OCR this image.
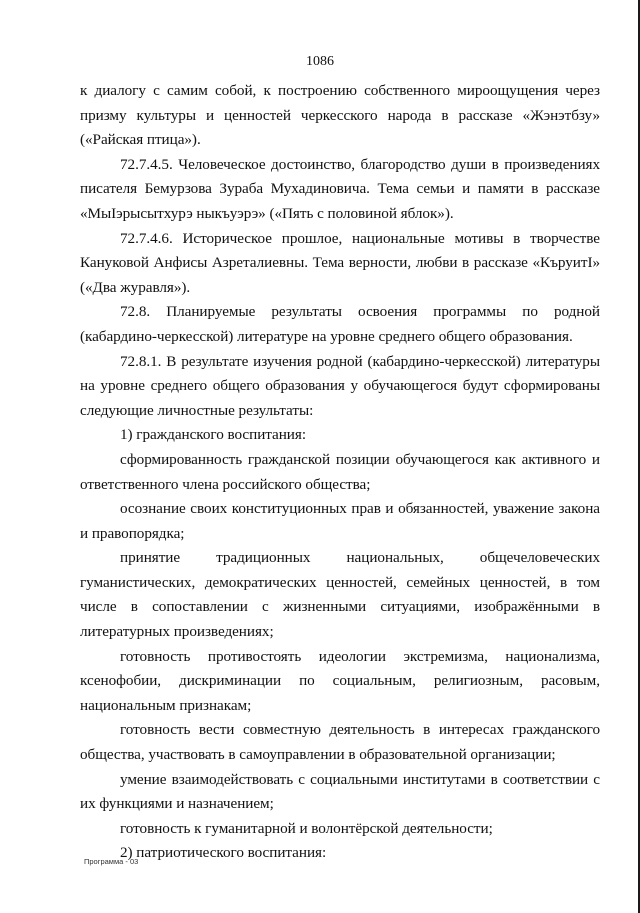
1086

к диалогу с самим собой, к построению собственного мироощущения через призму культуры и ценностей черкесского народа в рассказе «Жэнэтбзу» («Райская птица»).

72.7.4.5. Человеческое достоинство, благородство души в произведениях писателя Бемурзова Зураба Мухадиновича. Тема семьи и памяти в рассказе «МыIэрысытхурэ ныкъуэрэ» («Пять с половиной яблок»).

72.7.4.6. Историческое прошлое, национальные мотивы в творчестве Кануковой Анфисы Азреталиевны. Тема верности, любви в рассказе «КъруитI» («Два журавля»).

72.8. Планируемые результаты освоения программы по родной (кабардино-черкесской) литературе на уровне среднего общего образования.

72.8.1. В результате изучения родной (кабардино-черкесской) литературы на уровне среднего общего образования у обучающегося будут сформированы следующие личностные результаты:

1) гражданского воспитания:

сформированность гражданской позиции обучающегося как активного и ответственного члена российского общества;

осознание своих конституционных прав и обязанностей, уважение закона и правопорядка;

принятие традиционных национальных, общечеловеческих гуманистических, демократических ценностей, семейных ценностей, в том числе в сопоставлении с жизненными ситуациями, изображёнными в литературных произведениях;

готовность противостоять идеологии экстремизма, национализма, ксенофобии, дискриминации по социальным, религиозным, расовым, национальным признакам;

готовность вести совместную деятельность в интересах гражданского общества, участвовать в самоуправлении в образовательной организации;

умение взаимодействовать с социальными институтами в соответствии с их функциями и назначением;

готовность к гуманитарной и волонтёрской деятельности;

2) патриотического воспитания:

Программа - 03
